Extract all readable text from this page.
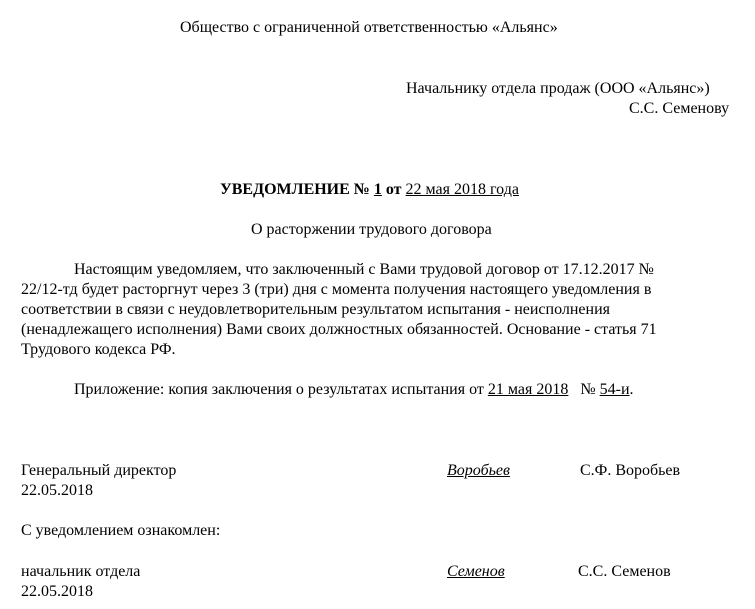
Общество с ограниченной ответственностью «Альянс»
Начальнику отдела продаж (ООО «Альянс»)
С.С. Семенову
УВЕДОМЛЕНИЕ № 1 от 22 мая 2018 года
О расторжении трудового договора
Настоящим уведомляем, что заключенный с Вами трудовой договор от 17.12.2017 №
22/12-тд будет расторгнут через 3 (три) дня с момента получения настоящего уведомления в
соответствии в связи с неудовлетворительным результатом испытания - неисполнения
(ненадлежащего исполнения) Вами своих должностных обязанностей. Основание - статья 71
Трудового кодекса РФ.
Приложение: копия заключения о результатах испытания от 21 мая 2018   № 54-и.
Генеральный директор
22.05.2018
Воробьев	С.Ф. Воробьев
С уведомлением ознакомлен:
начальник отдела
22.05.2018
Семенов	С.С. Семенов
